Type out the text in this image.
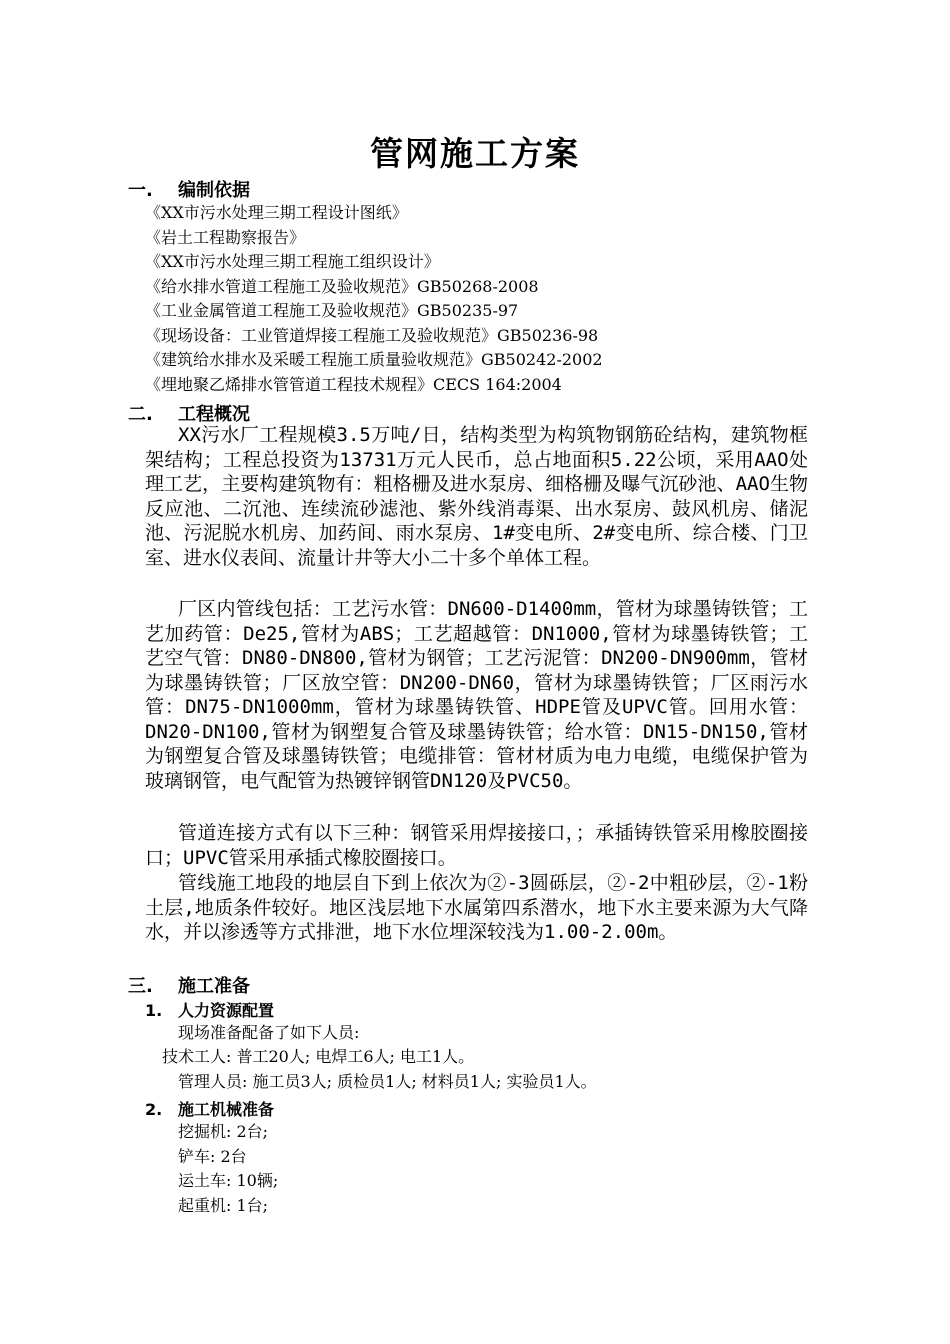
管网施工方案
一. 编制依据
《XX市污水处理三期工程设计图纸》
《岩土工程勘察报告》
《XX市污水处理三期工程施工组织设计》
《给水排水管道工程施工及验收规范》GB50268-2008
《工业金属管道工程施工及验收规范》GB50235-97
《现场设备：工业管道焊接工程施工及验收规范》GB50236-98
《建筑给水排水及采暖工程施工质量验收规范》GB50242-2002
《埋地聚乙烯排水管管道工程技术规程》CECS 164:2004
二. 工程概况
XX污水厂工程规模3.5万吨/日，结构类型为构筑物钢筋砼结构，建筑物框架结构；工程总投资为13731万元人民币，总占地面积5.22公顷，采用AAO处理工艺，主要构建筑物有：粗格栅及进水泵房、细格栅及曝气沉砂池、AAO生物反应池、二沉池、连续流砂滤池、紫外线消毒渠、出水泵房、鼓风机房、储泥池、污泥脱水机房、加药间、雨水泵房、1#变电所、2#变电所、综合楼、门卫室、进水仪表间、流量计井等大小二十多个单体工程。
厂区内管线包括：工艺污水管：DN600-D1400mm，管材为球墨铸铁管；工艺加药管：De25,管材为ABS；工艺超越管：DN1000,管材为球墨铸铁管；工艺空气管：DN80-DN800,管材为钢管；工艺污泥管：DN200-DN900mm，管材为球墨铸铁管；厂区放空管：DN200-DN60，管材为球墨铸铁管；厂区雨污水管：DN75-DN1000mm，管材为球墨铸铁管、HDPE管及UPVC管。回用水管：DN20-DN100,管材为钢塑复合管及球墨铸铁管；给水管：DN15-DN150,管材为钢塑复合管及球墨铸铁管；电缆排管：管材材质为电力电缆，电缆保护管为玻璃钢管，电气配管为热镀锌钢管DN120及PVC50。
管道连接方式有以下三种：钢管采用焊接接口，；承插铸铁管采用橡胶圈接口；UPVC管采用承插式橡胶圈接口。
管线施工地段的地层自下到上依次为②-3圆砾层，②-2中粗砂层，②-1粉土层,地质条件较好。地区浅层地下水属第四系潜水，地下水主要来源为大气降水，并以渗透等方式排泄，地下水位埋深较浅为1.00-2.00m。
三. 施工准备
1. 人力资源配置
现场准备配备了如下人员:
技术工人: 普工20人; 电焊工6人; 电工1人。
管理人员: 施工员3人; 质检员1人; 材料员1人; 实验员1人。
2. 施工机械准备
挖掘机: 2台;
铲车: 2台
运土车: 10辆;
起重机: 1台;
